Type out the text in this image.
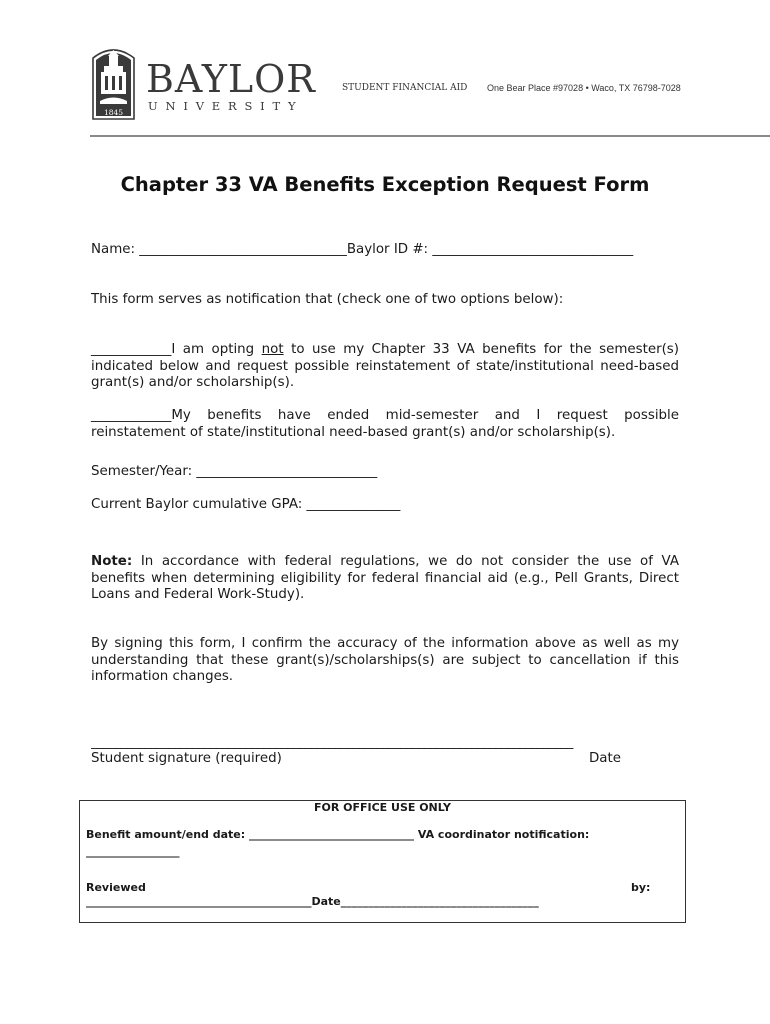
1845
BAYLOR
UNIVERSITY
STUDENT FINANCIAL AID One Bear Place #97028 • Waco, TX 76798-7028
Chapter 33 VA Benefits Exception Request Form
Name: _______________________________Baylor ID #: ______________________________
This form serves as notification that (check one of two options below):
____________I am opting not to use my Chapter 33 VA benefits for the semester(s) indicated below and request possible reinstatement of state/institutional need-based grant(s) and/or scholarship(s).
____________My benefits have ended mid-semester and I request possible reinstatement of state/institutional need-based grant(s) and/or scholarship(s).
Semester/Year: ___________________________
Current Baylor cumulative GPA: ______________
Note: In accordance with federal regulations, we do not consider the use of VA benefits when determining eligibility for federal financial aid (e.g., Pell Grants, Direct Loans and Federal Work-Study).
By signing this form, I confirm the accuracy of the information above as well as my understanding that these grant(s)/scholarships(s) are subject to cancellation if this information changes.
_________________________________________________________________________________
Student signature (required)	Date
FOR OFFICE USE ONLY
Benefit amount/end date: ______________________________ VA coordinator notification:
_________________
Reviewed	by:
_________________________________________Date____________________________________
